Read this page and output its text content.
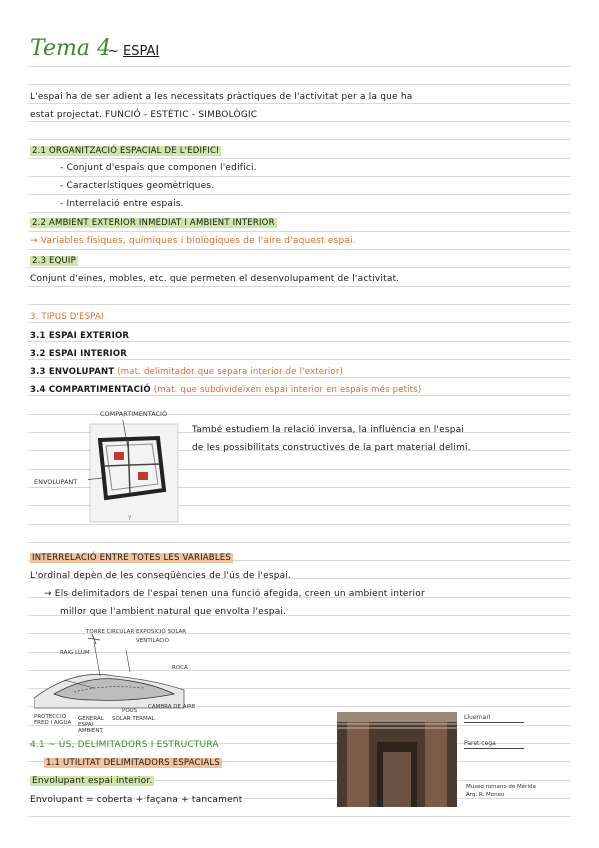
Tema 4
~ ESPAI
L'espai ha de ser adient a les necessitats pràctiques de l'activitat per a la que ha
estat projectat. FUNCIÓ - ESTÈTIC - SIMBOLÒGIC
2.1 ORGANITZACIÓ ESPACIAL DE L'EDIFICI
- Conjunt d'espais que componen l'edifici.
- Característiques geomètriques.
- Interrelació entre espais.
2.2 AMBIENT EXTERIOR INMEDIAT I AMBIENT INTERIOR
→ Variables físiques, químiques i biològiques de l'aire d'aquest espai.
2.3 EQUIP
Conjunt d'eines, mobles, etc. que permeten el desenvolupament de l'activitat.
3. TIPUS D'ESPAI
3.1 ESPAI EXTERIOR
3.2 ESPAI INTERIOR
3.3 ENVOLUPANT (mat. delimitador que separa interior de l'exterior)
3.4 COMPARTIMENTACIÓ (mat. que subdivideixen espai interior en espais més petits)
COMPARTIMENTACIÓ
ENVOLUPANT
?
També estudiem la relació inversa, la influència en l'espai
de les possibilitats constructives de la part material delimi.
INTERRELACIÓ ENTRE TOTES LES VARIABLES
L'ordinal depèn de les conseqüències de l'ús de l'espai.
→ Els delimitadors de l'espai tenen una funció afegida, creen un ambient interior
millor que l'ambient natural que envolta l'espai.
TORRE CIRCULAR EXPOSICIÓ SOLAR
VENTILACIÓ
RAIG LLUM
ROCA
PROTECCIÓ FRED I AIGUA
GENERAL ESPAI AMBIENT
POUS
SOLAR TERMAL
CAMBRA DE AIRE
4.1 ~ ÚS, DELIMITADORS I ESTRUCTURA
1.1 UTILITAT DELIMITADORS ESPACIALS
Envolupant espai interior.
Envolupant = coberta + façana + tancament
Lluernari
Paret cega
Museo romano de Mérida
Arq. R. Moneo
